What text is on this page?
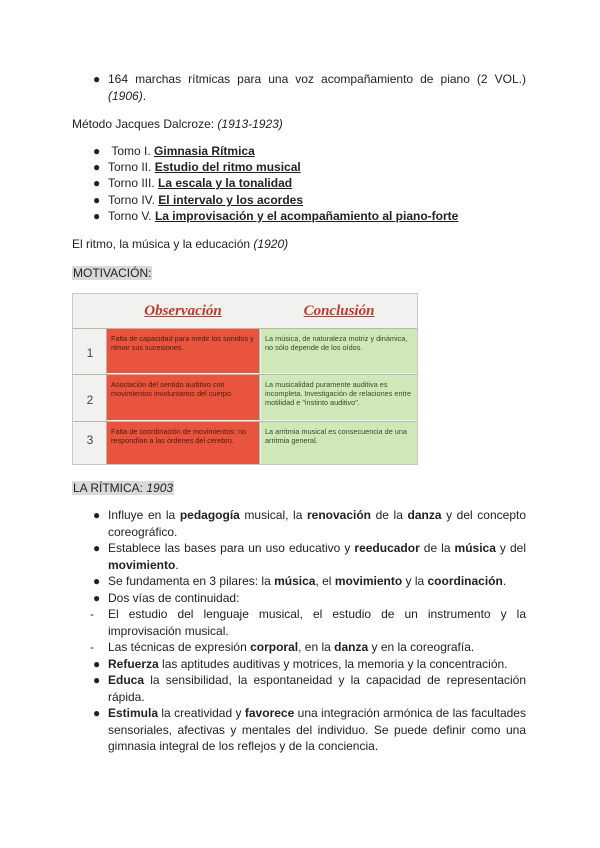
● 164 marchas rítmicas para una voz acompañamiento de piano (2 VOL.) (1906).
Método Jacques Dalcroze: (1913-1923)
● Tomo I. Gimnasia Rítmica
● Torno II. Estudio del ritmo musical
● Torno III. La escala y la tonalidad
● Torno IV. El intervalo y los acordes
● Torno V. La improvisación y el acompañamiento al piano-forte
El ritmo, la música y la educación (1920)
MOTIVACIÓN:
Observación	Conclusión
1
Falta de capacidad para medir los sonidos y ritmar sus sucesiones.
La música, de naturaleza motriz y dinámica, no sólo depende de los oídos.
2
Asociación del sentido auditivo con movimientos involuntarios del cuerpo.
La musicalidad puramente auditiva es incompleta. Investigación de relaciones entre motilidad e "instinto auditivo".
3
Falta de coordinación de movimientos: no respondían a las órdenes del cerebro.
La arritmia musical es consecuencia de una arritmia general.
LA RÍTMICA: 1903
● Influye en la pedagogía musical, la renovación de la danza y del concepto coreográfico.
● Establece las bases para un uso educativo y reeducador de la música y del movimiento.
● Se fundamenta en 3 pilares: la música, el movimiento y la coordinación.
● Dos vías de continuidad:
- El estudio del lenguaje musical, el estudio de un instrumento y la improvisación musical.
- Las técnicas de expresión corporal, en la danza y en la coreografía.
● Refuerza las aptitudes auditivas y motrices, la memoria y la concentración.
● Educa la sensibilidad, la espontaneidad y la capacidad de representación rápida.
● Estimula la creatividad y favorece una integración armónica de las facultades sensoriales, afectivas y mentales del individuo. Se puede definir como una gimnasia integral de los reflejos y de la conciencia.
